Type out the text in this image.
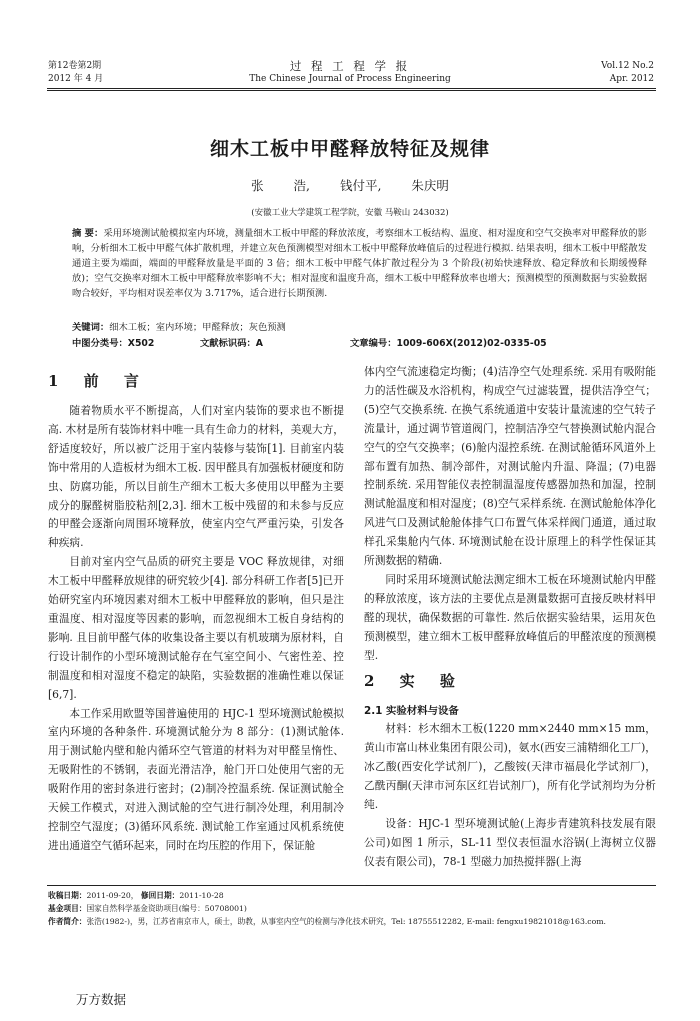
第12卷第2期
2012 年 4 月
过 程 工 程 学 报
The Chinese Journal of Process Engineering
Vol.12 No.2
Apr. 2012
细木工板中甲醛释放特征及规律
张 浩, 钱付平, 朱庆明
(安徽工业大学建筑工程学院，安徽 马鞍山 243032)
摘 要：采用环境测试舱模拟室内环境，测量细木工板中甲醛的释放浓度，考察细木工板结构、温度、相对湿度和空气交换率对甲醛释放的影响，分析细木工板中甲醛气体扩散机理，并建立灰色预测模型对细木工板中甲醛释放峰值后的过程进行模拟. 结果表明，细木工板中甲醛散发通道主要为端面，端面的甲醛释放量是平面的 3 倍；细木工板中甲醛气体扩散过程分为 3 个阶段(初始快速释放、稳定释放和长期缓慢释放)；空气交换率对细木工板中甲醛释放率影响不大；相对湿度和温度升高，细木工板中甲醛释放率也增大；预测模型的预测数据与实验数据吻合较好，平均相对误差率仅为 3.717%，适合进行长期预测.
关键词：细木工板；室内环境；甲醛释放；灰色预测
中图分类号：X502	文献标识码：A	文章编号：1009-606X(2012)02-0335-05
1 前 言

随着物质水平不断提高，人们对室内装饰的要求也不断提高. 木材是所有装饰材料中唯一具有生命力的材料，美观大方，舒适度较好，所以被广泛用于室内装修与装饰[1]. 目前室内装饰中常用的人造板材为细木工板. 因甲醛具有加强板材硬度和防虫、防腐功能，所以目前生产细木工板大多使用以甲醛为主要成分的脲醛树脂胶粘剂[2,3]. 细木工板中残留的和未参与反应的甲醛会逐渐向周围环境释放，使室内空气严重污染，引发各种疾病.

目前对室内空气品质的研究主要是 VOC 释放规律，对细木工板中甲醛释放规律的研究较少[4]. 部分科研工作者[5]已开始研究室内环境因素对细木工板中甲醛释放的影响，但只是注重温度、相对湿度等因素的影响，而忽视细木工板自身结构的影响. 且目前甲醛气体的收集设备主要以有机玻璃为原材料，自行设计制作的小型环境测试舱存在气室空间小、气密性差、控制温度和相对湿度不稳定的缺陷，实验数据的准确性难以保证[6,7].

本工作采用欧盟等国普遍使用的 HJC-1 型环境测试舱模拟室内环境的各种条件. 环境测试舱分为 8 部分：(1)测试舱体. 用于测试舱内壁和舱内循环空气管道的材料为对甲醛呈惰性、无吸附性的不锈钢，表面光滑洁净，舱门开口处使用气密的无吸附作用的密封条进行密封；(2)制冷控温系统. 保证测试舱全天候工作模式，对进入测试舱的空气进行制冷处理，利用制冷控制空气湿度；(3)循环风系统. 测试舱工作室通过风机系统使进出通道空气循环起来，同时在均压腔的作用下，保证舱

体内空气流速稳定均衡；(4)洁净空气处理系统. 采用有吸附能力的活性碳及水浴机构，构成空气过滤装置，提供洁净空气；(5)空气交换系统. 在换气系统通道中安装计量流速的空气转子流量计，通过调节管道阀门，控制洁净空气替换测试舱内混合空气的空气交换率；(6)舱内湿控系统. 在测试舱循环风道外上部布置有加热、制冷部件，对测试舱内升温、降温；(7)电器控制系统. 采用智能仪表控制温湿度传感器加热和加湿，控制测试舱温度和相对湿度；(8)空气采样系统. 在测试舱舱体净化风进气口及测试舱舱体排气口布置气体采样阀门通道，通过取样孔采集舱内气体. 环境测试舱在设计原理上的科学性保证其所测数据的精确.

同时采用环境测试舱法测定细木工板在环境测试舱内甲醛的释放浓度，该方法的主要优点是测量数据可直接反映材料甲醛的现状，确保数据的可靠性. 然后依据实验结果，运用灰色预测模型，建立细木工板甲醛释放峰值后的甲醛浓度的预测模型.

2 实 验
2.1 实验材料与设备

材料：杉木细木工板(1220 mm×2440 mm×15 mm，黄山市富山林业集团有限公司)，氨水(西安三浦精细化工厂)，冰乙酸(西安化学试剂厂)，乙酸铵(天津市福晨化学试剂厂)，乙酰丙酮(天津市河东区红岩试剂厂)，所有化学试剂均为分析纯.

设备：HJC-1 型环境测试舱(上海步青建筑科技发展有限公司)如图 1 所示，SL-11 型仪表恒温水浴锅(上海树立仪器仪表有限公司)，78-1 型磁力加热搅拌器(上海

收稿日期：2011-09-20， 修回日期：2011-10-28
基金项目：国家自然科学基金资助项目(编号：50708001)
作者简介：张浩(1982-)，男，江苏省南京市人，硕士，助教，从事室内空气的检测与净化技术研究，Tel: 18755512282, E-mail: fengxu19821018@163.com.
万方数据
